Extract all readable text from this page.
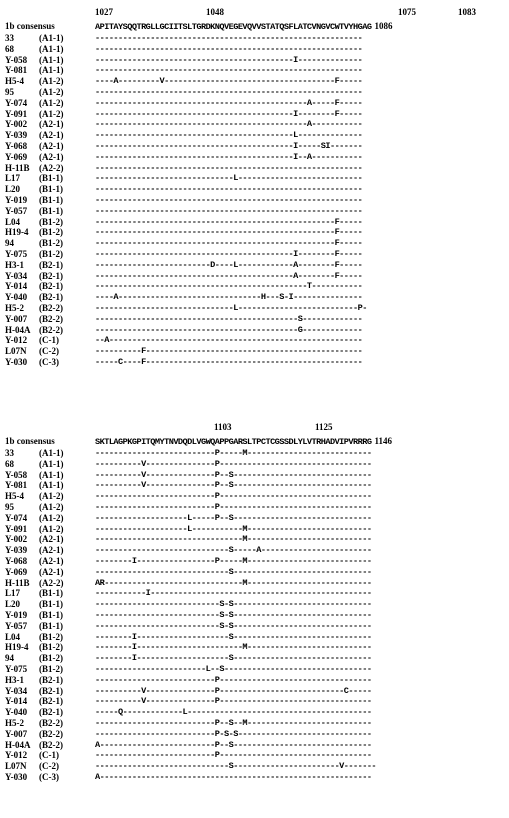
1027	1048	1075	1083
1b consensus	APITAYSQQTRGLLGCIITSLTGRDKNQVEGEVQVVSTATQSFLATCVNGVCWTVYHGAG 1086
33	(A1-1)	----------------------------------------------------------
68	(A1-1)	----------------------------------------------------------
Y-058 (A1-1)	-------------------------------------------I--------------
Y-081 (A1-1)	----------------------------------------------------------
H5-4 (A1-2)	----A---------V-------------------------------------F-----
95	(A1-2)	----------------------------------------------------------
Y-074 (A1-2)	----------------------------------------------A-----F-----
Y-091 (A1-2)	-------------------------------------------I--------F-----
Y-002 (A2-1)	----------------------------------------------A-----------
Y-039 (A2-1)	-------------------------------------------L--------------
Y-068 (A2-1)	-------------------------------------------I-----SI-------
Y-069 (A2-1)	-------------------------------------------I--A-----------
H-11B (A2-2)	----------------------------------------------------------
L17 (B1-1)	------------------------------L---------------------------
L20 (B1-1)	----------------------------------------------------------
Y-019 (B1-1)	----------------------------------------------------------
Y-057 (B1-1)	----------------------------------------------------------
L04 (B1-2)	----------------------------------------------------F-----
H19-4 (B1-2)	----------------------------------------------------F-----
94	(B1-2)	----------------------------------------------------F-----
Y-075 (B1-2)	-------------------------------------------I--------F-----
H3-1 (B2-1)	-------------------------D----L------------A--------F-----
Y-034 (B2-1)	-------------------------------------------A--------F-----
Y-014 (B2-1)	----------------------------------------------T-----------
Y-040 (B2-1)	----A-------------------------------H---S-I---------------
H5-2 (B2-2)	------------------------------L--------------------------P-
Y-007 (B2-2)	--------------------------------------------S-------------
H-04A (B2-2)	--------------------------------------------G-------------
Y-012 (C-1)	--A-------------------------------------------------------
L07N (C-2)	----------F-----------------------------------------------
Y-030 (C-3)	-----C----F-----------------------------------------------
1103	1125
1b consensus	SKTLAGPKGPITQMYTNVDQDLVGWQAPPGARSLTPCTCGSSDLYLVTRHADVIPVRRRG 1146
33	(A1-1)	--------------------------P-----M---------------------------
68	(A1-1)	----------V---------------P---------------------------------
Y-058 (A1-1)	----------V---------------P--S------------------------------
Y-081 (A1-1)	----------V---------------P--S------------------------------
H5-4 (A1-2)	--------------------------P---------------------------------
95	(A1-2)	--------------------------P---------------------------------
Y-074 (A1-2)	--------------------L-----P--S------------------------------
Y-091 (A1-2)	--------------------L-----------M---------------------------
Y-002 (A2-1)	--------------------------------M---------------------------
Y-039 (A2-1)	-----------------------------S-----A------------------------
Y-068 (A2-1)	--------I-----------------P-----M---------------------------
Y-069 (A2-1)	-----------------------------S------------------------------
H-11B (A2-2)	AR------------------------------M---------------------------
L17 (B1-1)	-----------I------------------------------------------------
L20 (B1-1)	---------------------------S-S------------------------------
Y-019 (B1-1)	---------------------------S-S------------------------------
Y-057 (B1-1)	---------------------------S-S------------------------------
L04 (B1-2)	--------I--------------------S------------------------------
H19-4 (B1-2)	--------I-----------------------M---------------------------
94	(B1-2)	--------I--------------------S------------------------------
Y-075 (B1-2)	------------------------L--S--------------------------------
H3-1 (B2-1)	--------------------------P---------------------------------
Y-034 (B2-1)	----------V---------------P---------------------------C-----
Y-014 (B2-1)	----------V---------------P---------------------------------
Y-040 (B2-1)	-----Q-------------L----------------------------------------
H5-2 (B2-2)	--------------------------P--S--M---------------------------
Y-007 (B2-2)	--------------------------P-S-S-----------------------------
H-04A (B2-2)	A-------------------------P--S------------------------------
Y-012 (C-1)	--------------------------P---------------------------------
L07N (C-2)	-----------------------------S-----------------------V-------
Y-030 (C-3)	A-----------------------------------------------------------
